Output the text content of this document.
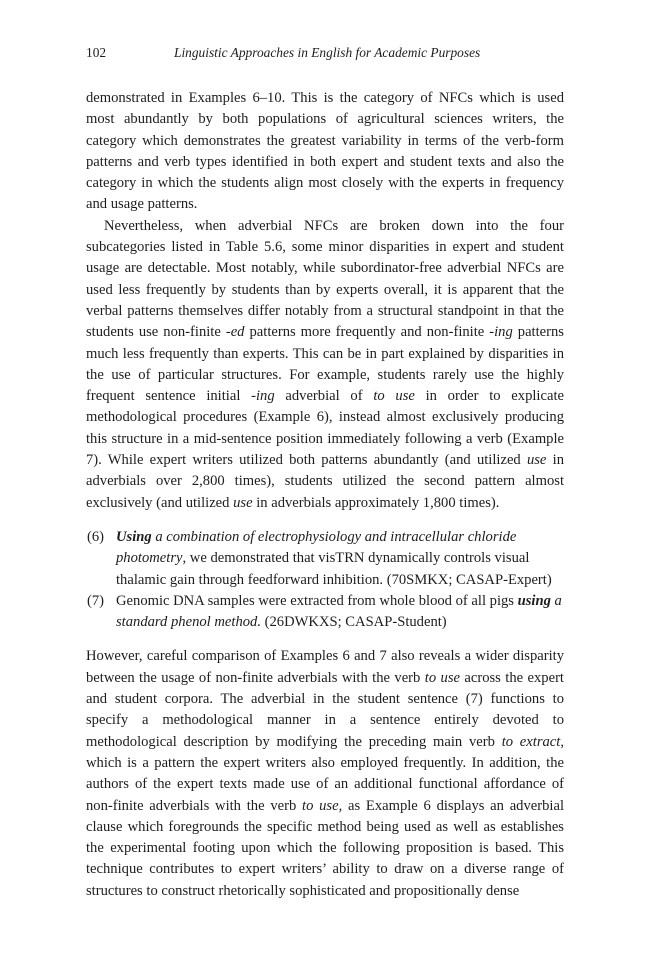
102	Linguistic Approaches in English for Academic Purposes

demonstrated in Examples 6–10. This is the category of NFCs which is used most abundantly by both populations of agricultural sciences writers, the category which demonstrates the greatest variability in terms of the verb-form patterns and verb types identified in both expert and student texts and also the category in which the students align most closely with the experts in frequency and usage patterns.

Nevertheless, when adverbial NFCs are broken down into the four subcategories listed in Table 5.6, some minor disparities in expert and student usage are detectable. Most notably, while subordinator-free adverbial NFCs are used less frequently by students than by experts overall, it is apparent that the verbal patterns themselves differ notably from a structural standpoint in that the students use non-finite -ed patterns more frequently and non-finite -ing patterns much less frequently than experts. This can be in part explained by disparities in the use of particular structures. For example, students rarely use the highly frequent sentence initial -ing adverbial of to use in order to explicate methodological procedures (Example 6), instead almost exclusively producing this structure in a mid-sentence position immediately following a verb (Example 7). While expert writers utilized both patterns abundantly (and utilized use in adverbials over 2,800 times), students utilized the second pattern almost exclusively (and utilized use in adverbials approximately 1,800 times).

(6) Using a combination of electrophysiology and intracellular chloride photometry, we demonstrated that visTRN dynamically controls visual thalamic gain through feedforward inhibition. (70SMKX; CASAP-Expert)
(7) Genomic DNA samples were extracted from whole blood of all pigs using a standard phenol method. (26DWKXS; CASAP-Student)

However, careful comparison of Examples 6 and 7 also reveals a wider disparity between the usage of non-finite adverbials with the verb to use across the expert and student corpora. The adverbial in the student sentence (7) functions to specify a methodological manner in a sentence entirely devoted to methodological description by modifying the preceding main verb to extract, which is a pattern the expert writers also employed frequently. In addition, the authors of the expert texts made use of an additional functional affordance of non-finite adverbials with the verb to use, as Example 6 displays an adverbial clause which foregrounds the specific method being used as well as establishes the experimental footing upon which the following proposition is based. This technique contributes to expert writers’ ability to draw on a diverse range of structures to construct rhetorically sophisticated and propositionally dense
